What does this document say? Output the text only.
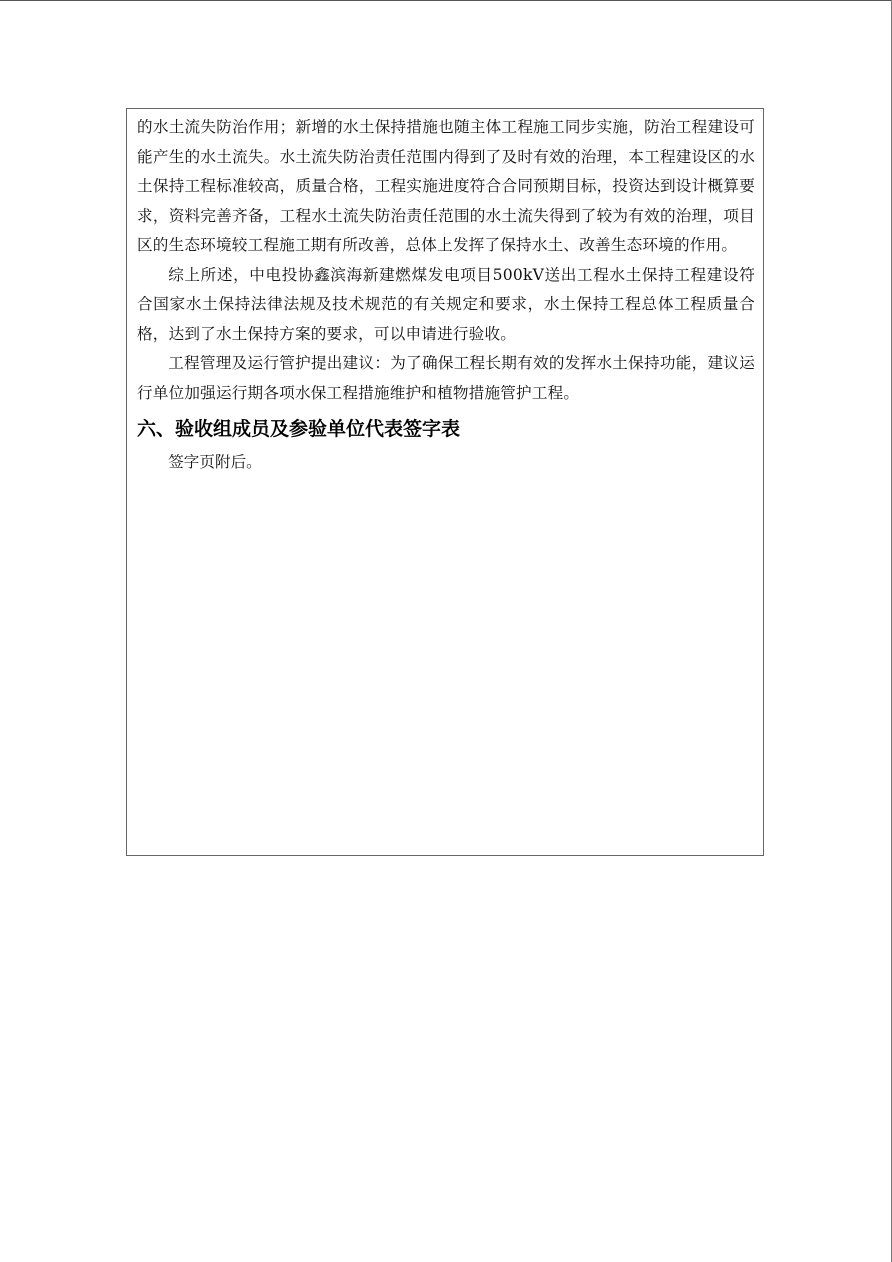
的水土流失防治作用；新增的水土保持措施也随主体工程施工同步实施，防治工程建设可能产生的水土流失。水土流失防治责任范围内得到了及时有效的治理，本工程建设区的水土保持工程标准较高，质量合格，工程实施进度符合合同预期目标，投资达到设计概算要求，资料完善齐备，工程水土流失防治责任范围的水土流失得到了较为有效的治理，项目区的生态环境较工程施工期有所改善，总体上发挥了保持水土、改善生态环境的作用。

综上所述，中电投协鑫滨海新建燃煤发电项目500kV送出工程水土保持工程建设符合国家水土保持法律法规及技术规范的有关规定和要求，水土保持工程总体工程质量合格，达到了水土保持方案的要求，可以申请进行验收。

工程管理及运行管护提出建议：为了确保工程长期有效的发挥水土保持功能，建议运行单位加强运行期各项水保工程措施维护和植物措施管护工程。

六、验收组成员及参验单位代表签字表

签字页附后。
